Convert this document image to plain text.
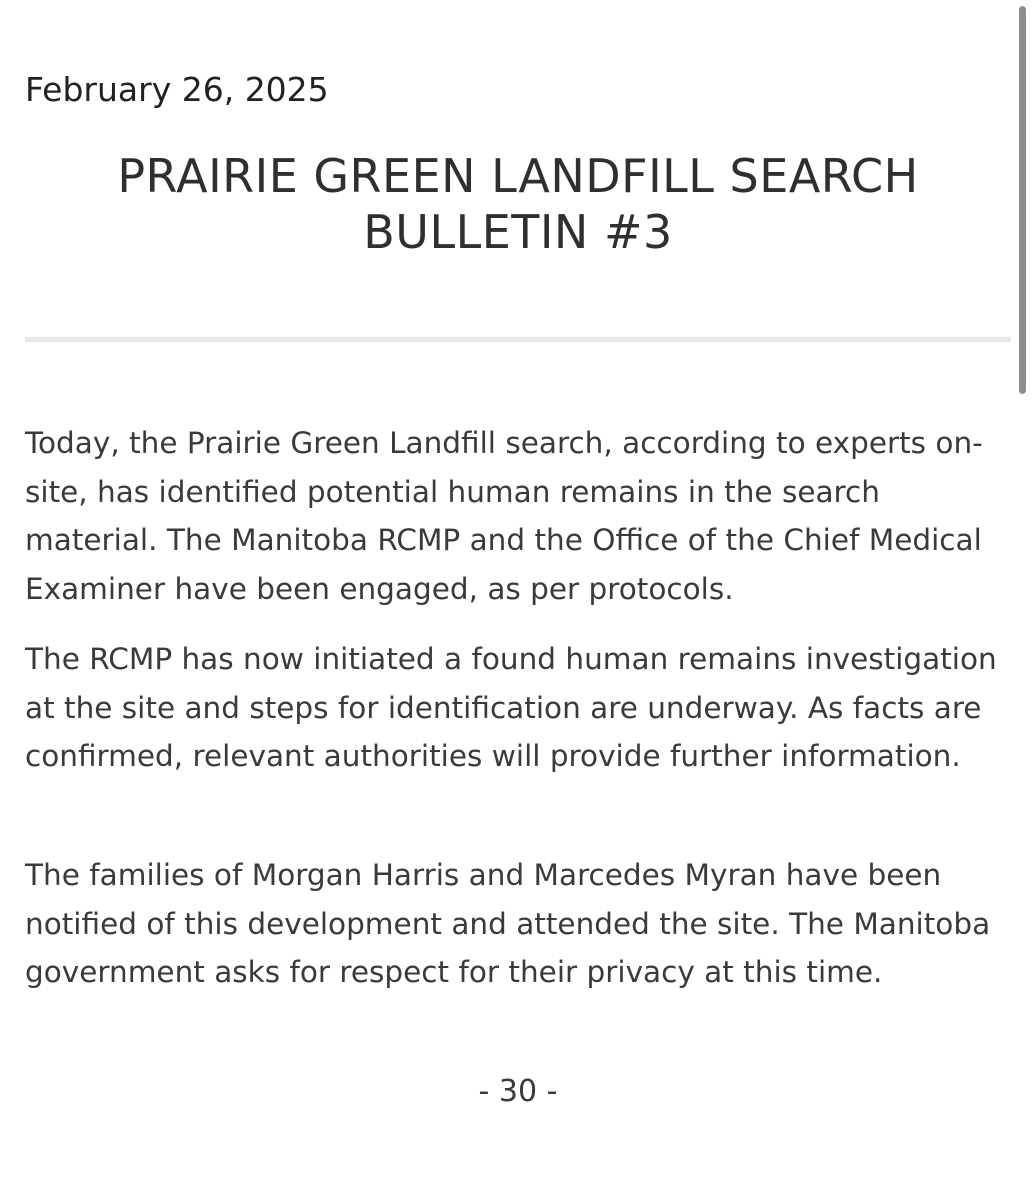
February 26, 2025
PRAIRIE GREEN LANDFILL SEARCH
BULLETIN #3

Today, the Prairie Green Landfill search, according to experts on-site, has identified potential human remains in the search material. The Manitoba RCMP and the Office of the Chief Medical Examiner have been engaged, as per protocols.

The RCMP has now initiated a found human remains investigation at the site and steps for identification are underway. As facts are confirmed, relevant authorities will provide further information.

The families of Morgan Harris and Marcedes Myran have been notified of this development and attended the site. The Manitoba government asks for respect for their privacy at this time.

- 30 -
